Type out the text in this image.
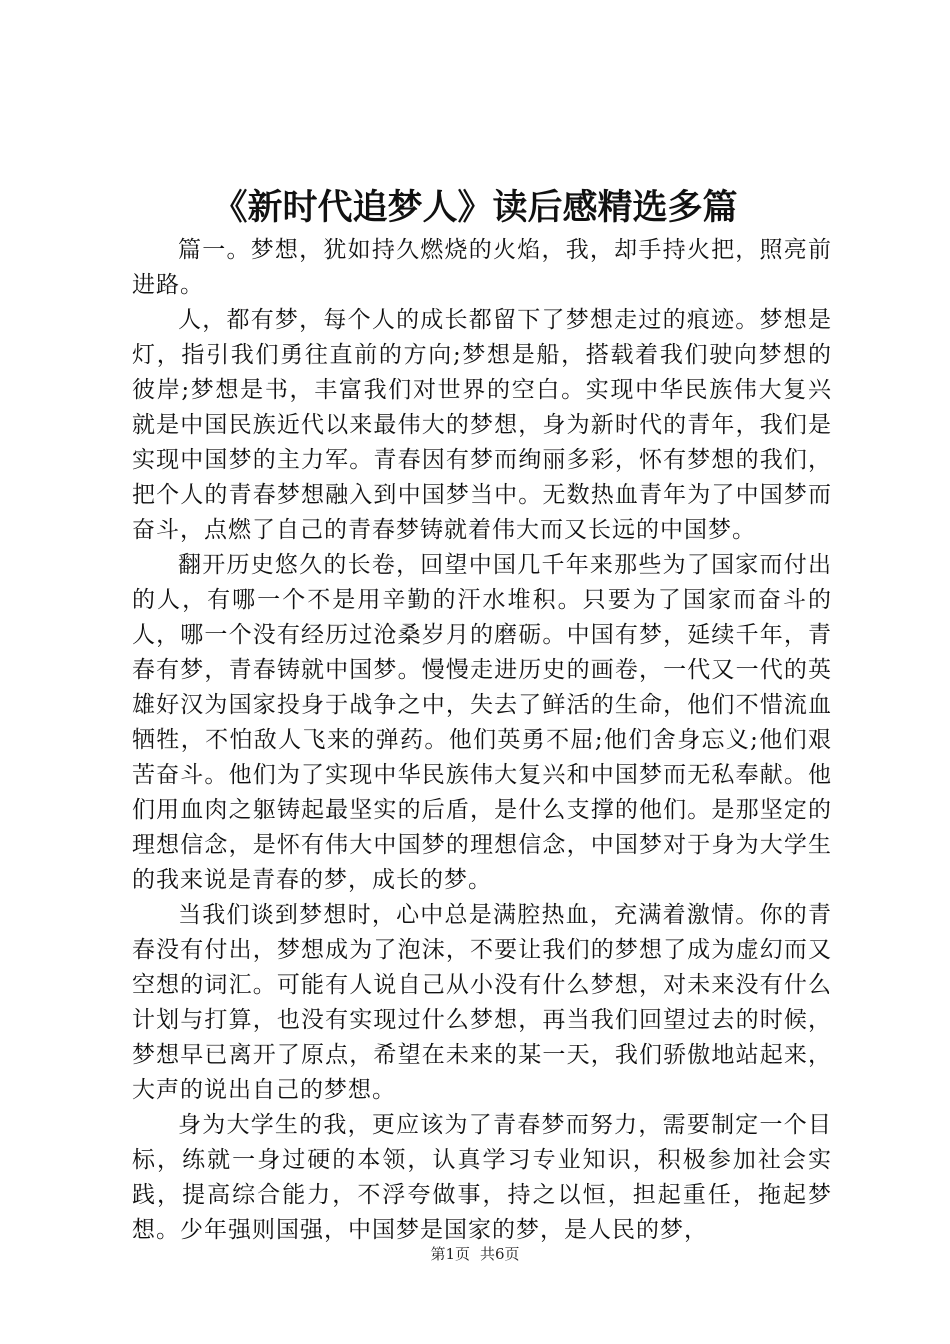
《新时代追梦人》读后感精选多篇

篇一。梦想，犹如持久燃烧的火焰，我，却手持火把，照亮前进路。

人，都有梦，每个人的成长都留下了梦想走过的痕迹。梦想是灯，指引我们勇往直前的方向;梦想是船，搭载着我们驶向梦想的彼岸;梦想是书，丰富我们对世界的空白。实现中华民族伟大复兴就是中国民族近代以来最伟大的梦想，身为新时代的青年，我们是实现中国梦的主力军。青春因有梦而绚丽多彩，怀有梦想的我们，把个人的青春梦想融入到中国梦当中。无数热血青年为了中国梦而奋斗，点燃了自己的青春梦铸就着伟大而又长远的中国梦。

翻开历史悠久的长卷，回望中国几千年来那些为了国家而付出的人，有哪一个不是用辛勤的汗水堆积。只要为了国家而奋斗的人，哪一个没有经历过沧桑岁月的磨砺。中国有梦，延续千年，青春有梦，青春铸就中国梦。慢慢走进历史的画卷，一代又一代的英雄好汉为国家投身于战争之中，失去了鲜活的生命，他们不惜流血牺牲，不怕敌人飞来的弹药。他们英勇不屈;他们舍身忘义;他们艰苦奋斗。他们为了实现中华民族伟大复兴和中国梦而无私奉献。他们用血肉之躯铸起最坚实的后盾，是什么支撑的他们。是那坚定的理想信念，是怀有伟大中国梦的理想信念，中国梦对于身为大学生的我来说是青春的梦，成长的梦。

当我们谈到梦想时，心中总是满腔热血，充满着激情。你的青春没有付出，梦想成为了泡沫，不要让我们的梦想了成为虚幻而又空想的词汇。可能有人说自己从小没有什么梦想，对未来没有什么计划与打算，也没有实现过什么梦想，再当我们回望过去的时候，梦想早已离开了原点，希望在未来的某一天，我们骄傲地站起来，大声的说出自己的梦想。

身为大学生的我，更应该为了青春梦而努力，需要制定一个目标，练就一身过硬的本领，认真学习专业知识，积极参加社会实践，提高综合能力，不浮夸做事，持之以恒，担起重任，拖起梦想。少年强则国强，中国梦是国家的梦，是人民的梦，

第1页 共6页
